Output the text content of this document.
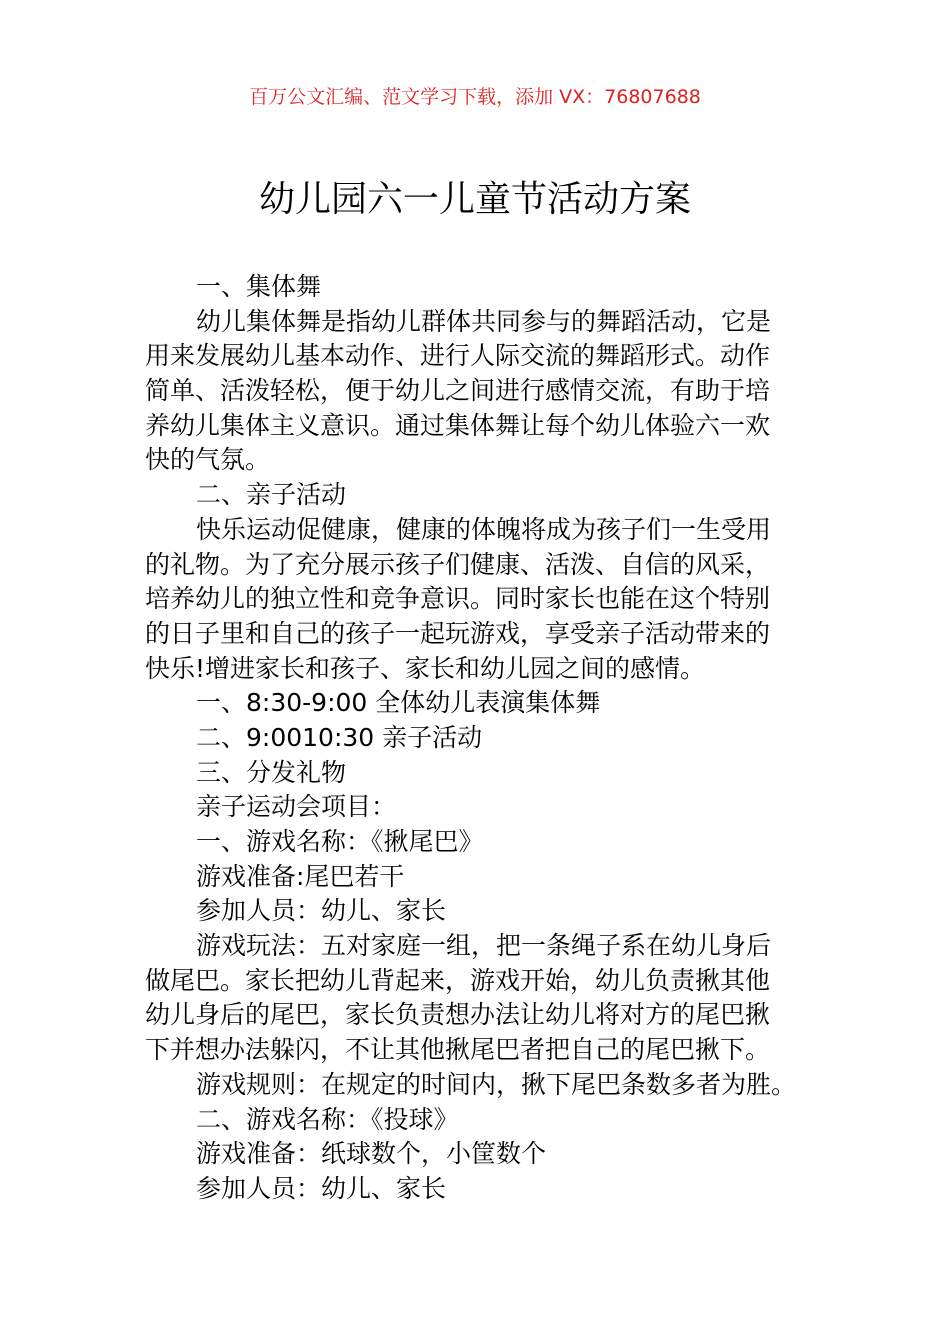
百万公文汇编、范文学习下载，添加 VX：76807688
幼儿园六一儿童节活动方案
一、集体舞
幼儿集体舞是指幼儿群体共同参与的舞蹈活动，它是
用来发展幼儿基本动作、进行人际交流的舞蹈形式。动作
简单、活泼轻松，便于幼儿之间进行感情交流，有助于培
养幼儿集体主义意识。通过集体舞让每个幼儿体验六一欢
快的气氛。
二、亲子活动
快乐运动促健康，健康的体魄将成为孩子们一生受用
的礼物。为了充分展示孩子们健康、活泼、自信的风采，
培养幼儿的独立性和竞争意识。同时家长也能在这个特别
的日子里和自己的孩子一起玩游戏，享受亲子活动带来的
快乐!增进家长和孩子、家长和幼儿园之间的感情。
一、8:30-9:00 全体幼儿表演集体舞
二、9:0010:30 亲子活动
三、分发礼物
亲子运动会项目：
一、游戏名称：《揪尾巴》
游戏准备:尾巴若干
参加人员：幼儿、家长
游戏玩法：五对家庭一组，把一条绳子系在幼儿身后
做尾巴。家长把幼儿背起来，游戏开始，幼儿负责揪其他
幼儿身后的尾巴，家长负责想办法让幼儿将对方的尾巴揪
下并想办法躲闪，不让其他揪尾巴者把自己的尾巴揪下。
游戏规则：在规定的时间内，揪下尾巴条数多者为胜。
二、游戏名称：《投球》
游戏准备：纸球数个，小筐数个
参加人员：幼儿、家长
